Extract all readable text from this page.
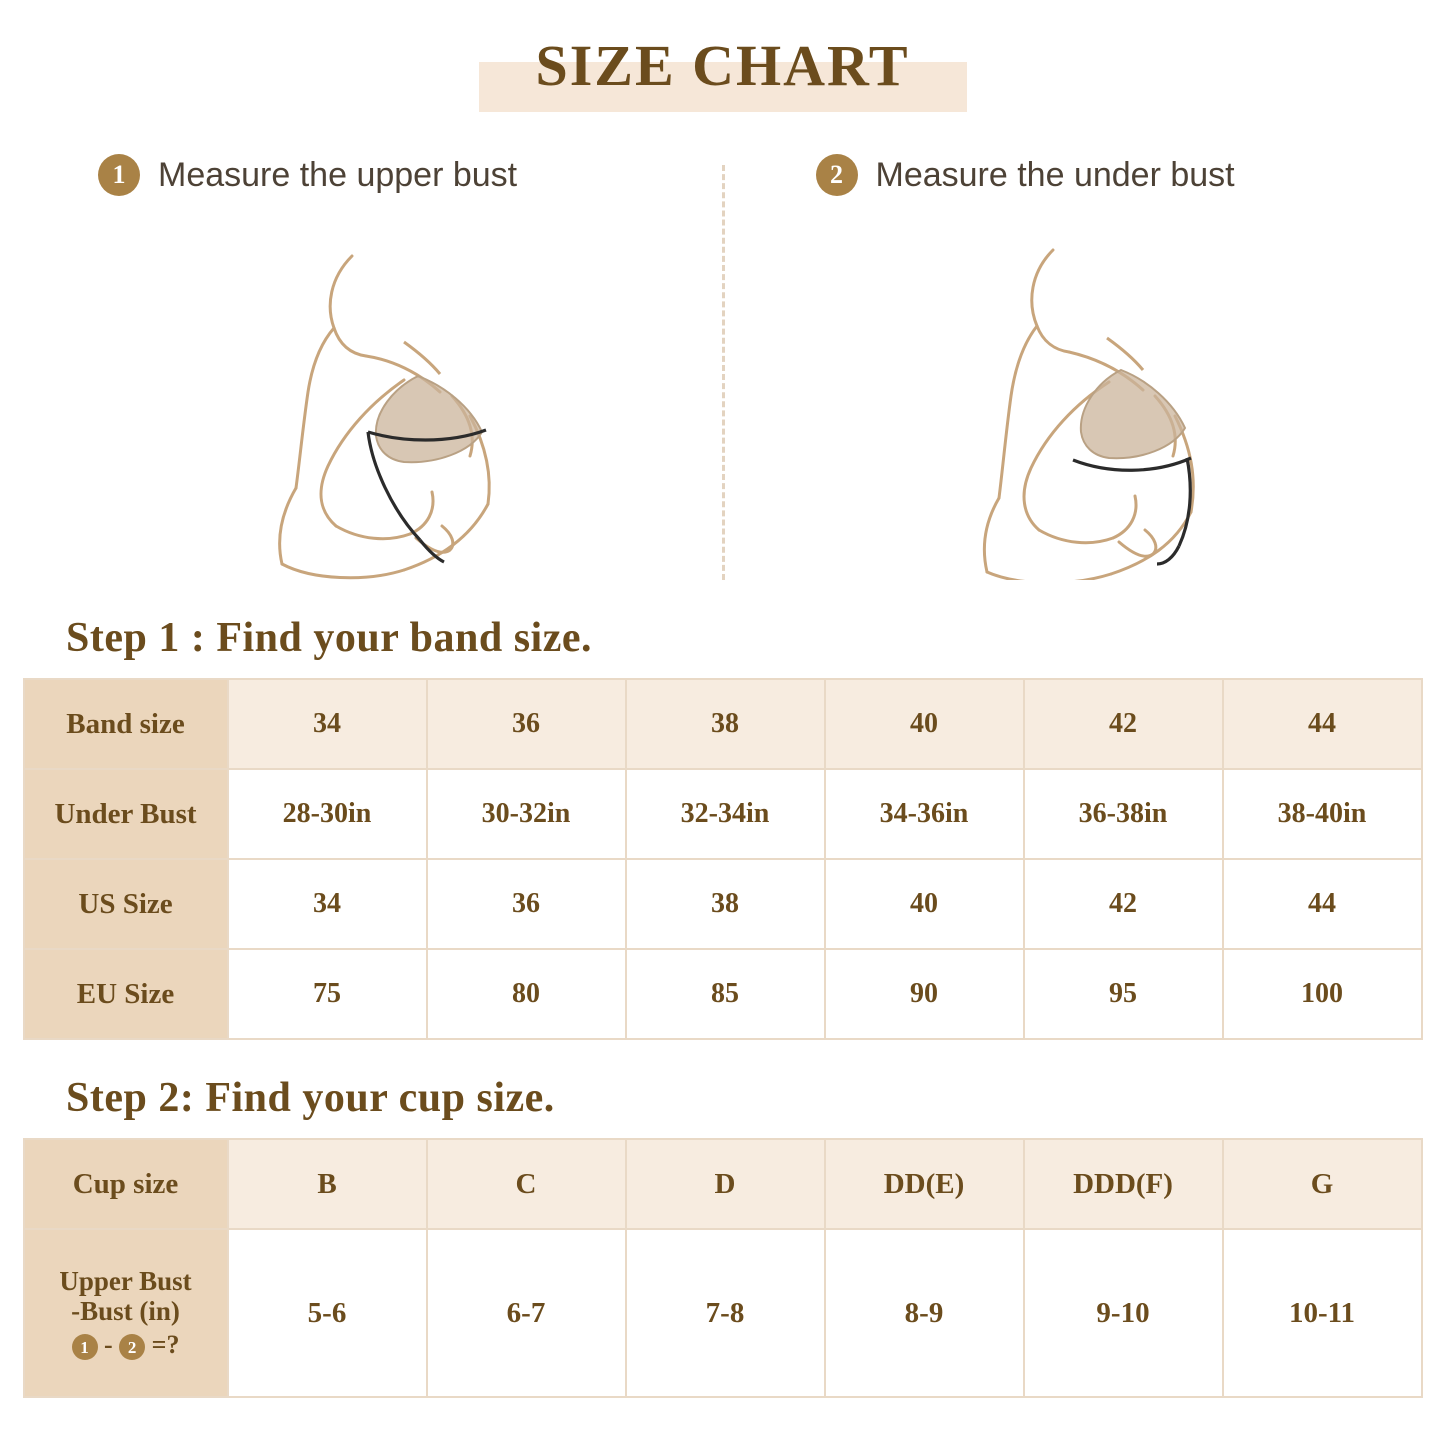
SIZE CHART
1 Measure the upper bust	2 Measure the under bust
Step 1 : Find your band size.
Band size	34	36	38	40	42	44
Under Bust	28-30in	30-32in	32-34in	34-36in	36-38in	38-40in
US Size	34	36	38	40	42	44
EU Size	75	80	85	90	95	100
Step 2: Find your cup size.
Cup size	B	C	D	DD(E)	DDD(F)	G

Upper Bust
-Bust (in)
1 - 2 =?	5-6	6-7	7-8	8-9	9-10	10-11
